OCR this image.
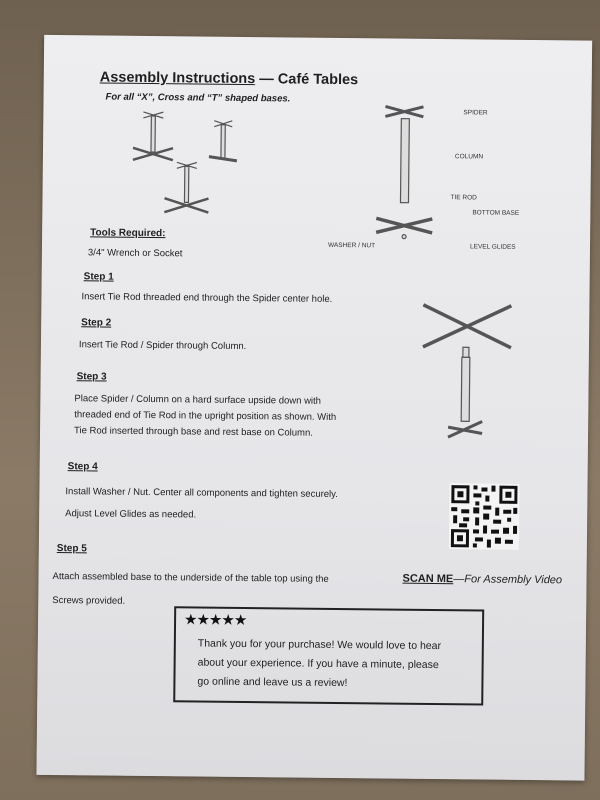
Assembly Instructions — Café Tables
For all “X”, Cross and “T” shaped bases.
SPIDER
COLUMN
TIE ROD
BOTTOM BASE
WASHER / NUT	LEVEL GLIDES
Tools Required:
3/4" Wrench or Socket
Step 1
Insert Tie Rod threaded end through the Spider center hole.
Step 2
Insert Tie Rod / Spider through Column.
Step 3
Place Spider / Column on a hard surface upside down with
threaded end of Tie Rod in the upright position as shown. With
Tie Rod inserted through base and rest base on Column.
Step 4
Install Washer / Nut. Center all components and tighten securely.
Adjust Level Glides as needed.
Step 5
Attach assembled base to the underside of the table top using the
Screws provided.
SCAN ME—For Assembly Video
★★★★★
Thank you for your purchase! We would love to hear
about your experience. If you have a minute, please
go online and leave us a review!
